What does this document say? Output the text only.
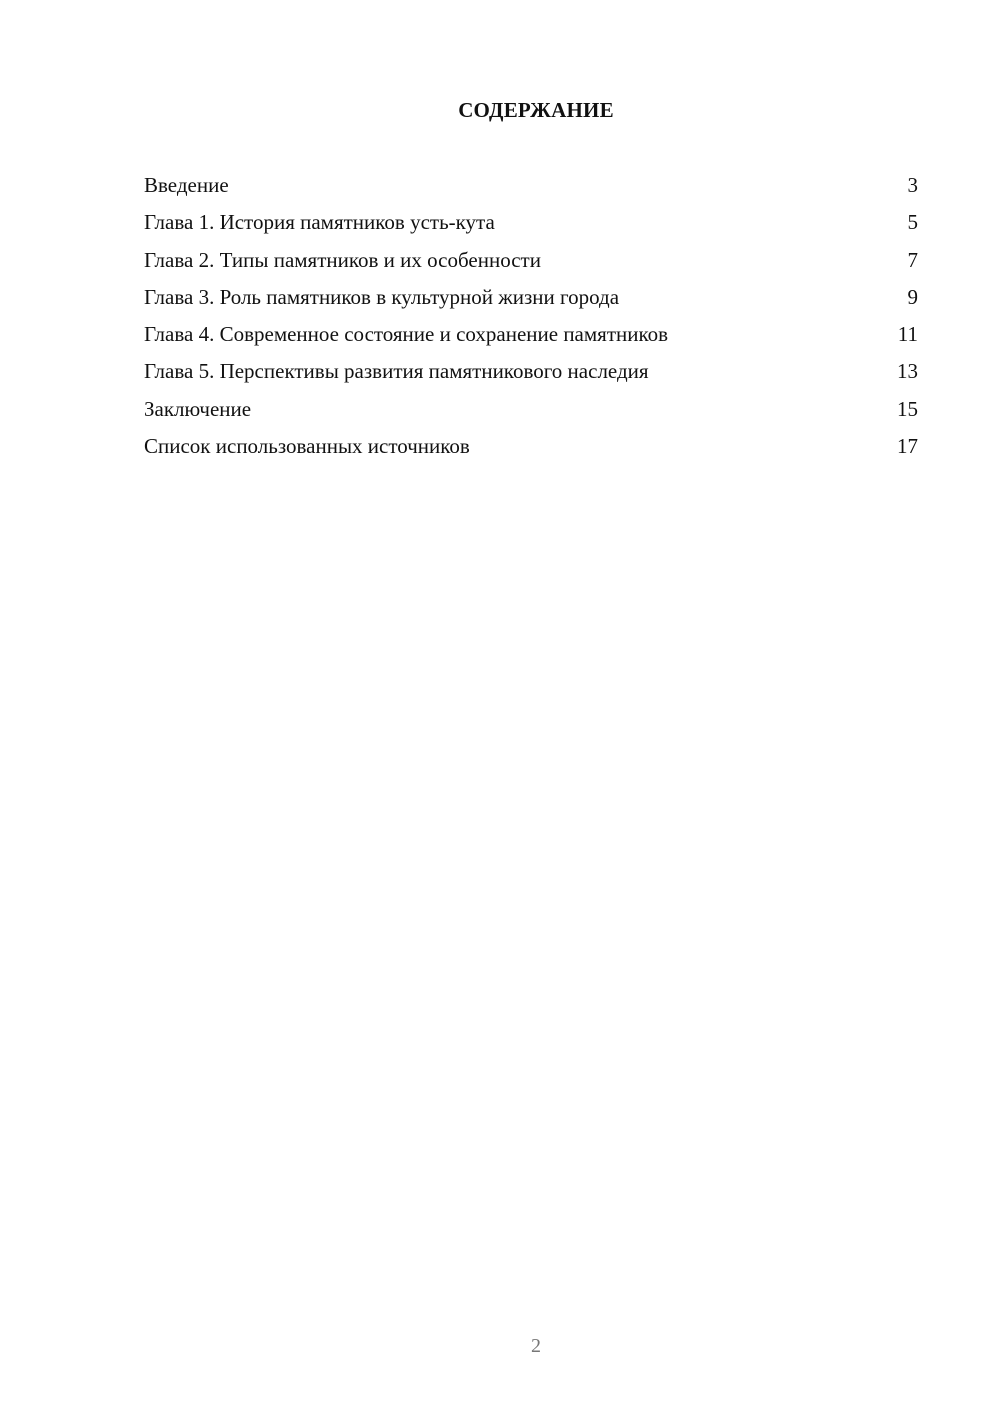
СОДЕРЖАНИЕ
Введение	3
Глава 1. История памятников усть-кута	5
Глава 2. Типы памятников и их особенности	7
Глава 3. Роль памятников в культурной жизни города	9
Глава 4. Современное состояние и сохранение памятников	11
Глава 5. Перспективы развития памятникового наследия	13
Заключение	15
Список использованных источников	17
2
